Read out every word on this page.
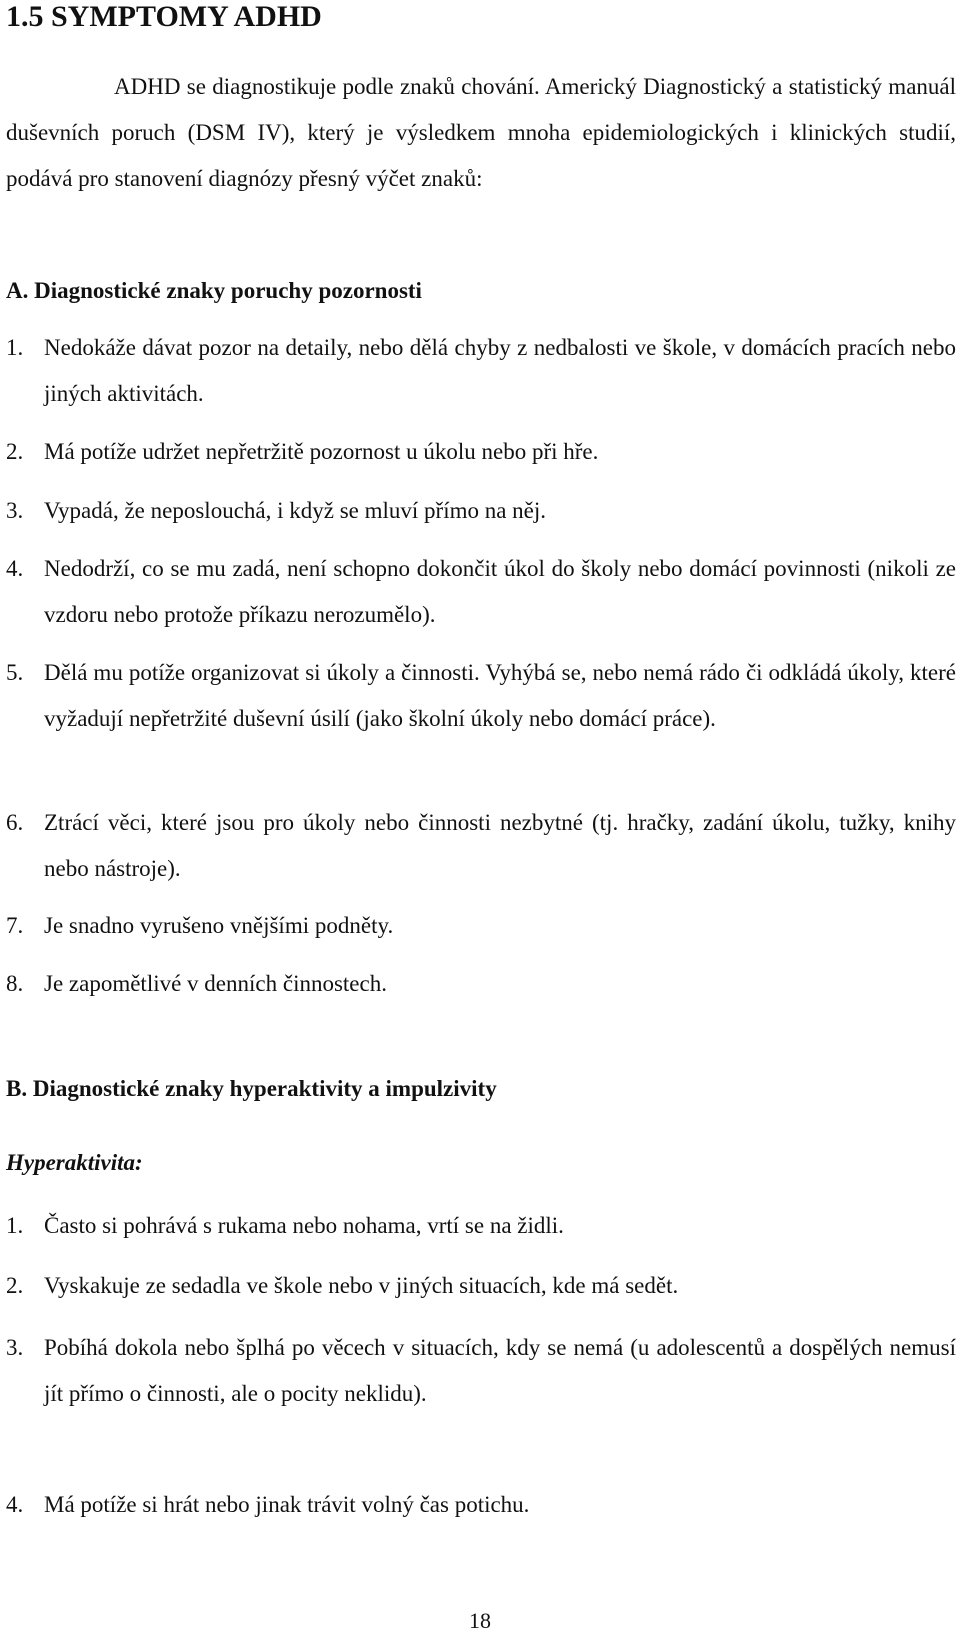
1.5 SYMPTOMY ADHD
ADHD se diagnostikuje podle znaků chování. Americký Diagnostický a statistický manuál duševních poruch (DSM IV), který je výsledkem mnoha epidemiologických i klinických studií, podává pro stanovení diagnózy přesný výčet znaků:
A. Diagnostické znaky poruchy pozornosti
1. Nedokáže dávat pozor na detaily, nebo dělá chyby z nedbalosti ve škole, v domácích pracích nebo jiných aktivitách.
2. Má potíže udržet nepřetržitě pozornost u úkolu nebo při hře.
3. Vypadá, že neposlouchá, i když se mluví přímo na něj.
4. Nedodrží, co se mu zadá, není schopno dokončit úkol do školy nebo domácí povinnosti (nikoli ze vzdoru nebo protože příkazu nerozumělo).
5. Dělá mu potíže organizovat si úkoly a činnosti. Vyhýbá se, nebo nemá rádo či odkládá úkoly, které vyžadují nepřetržité duševní úsilí (jako školní úkoly nebo domácí práce).
6. Ztrácí věci, které jsou pro úkoly nebo činnosti nezbytné (tj. hračky, zadání úkolu, tužky, knihy nebo nástroje).
7. Je snadno vyrušeno vnějšími podněty.
8. Je zapomětlivé v denních činnostech.
B. Diagnostické znaky hyperaktivity a impulzivity
Hyperaktivita:
1. Často si pohrává s rukama nebo nohama, vrtí se na židli.
2. Vyskakuje ze sedadla ve škole nebo v jiných situacích, kde má sedět.
3. Pobíhá dokola nebo šplhá po věcech v situacích, kdy se nemá (u adolescentů a dospělých nemusí jít přímo o činnosti, ale o pocity neklidu).
4. Má potíže si hrát nebo jinak trávit volný čas potichu.
18
